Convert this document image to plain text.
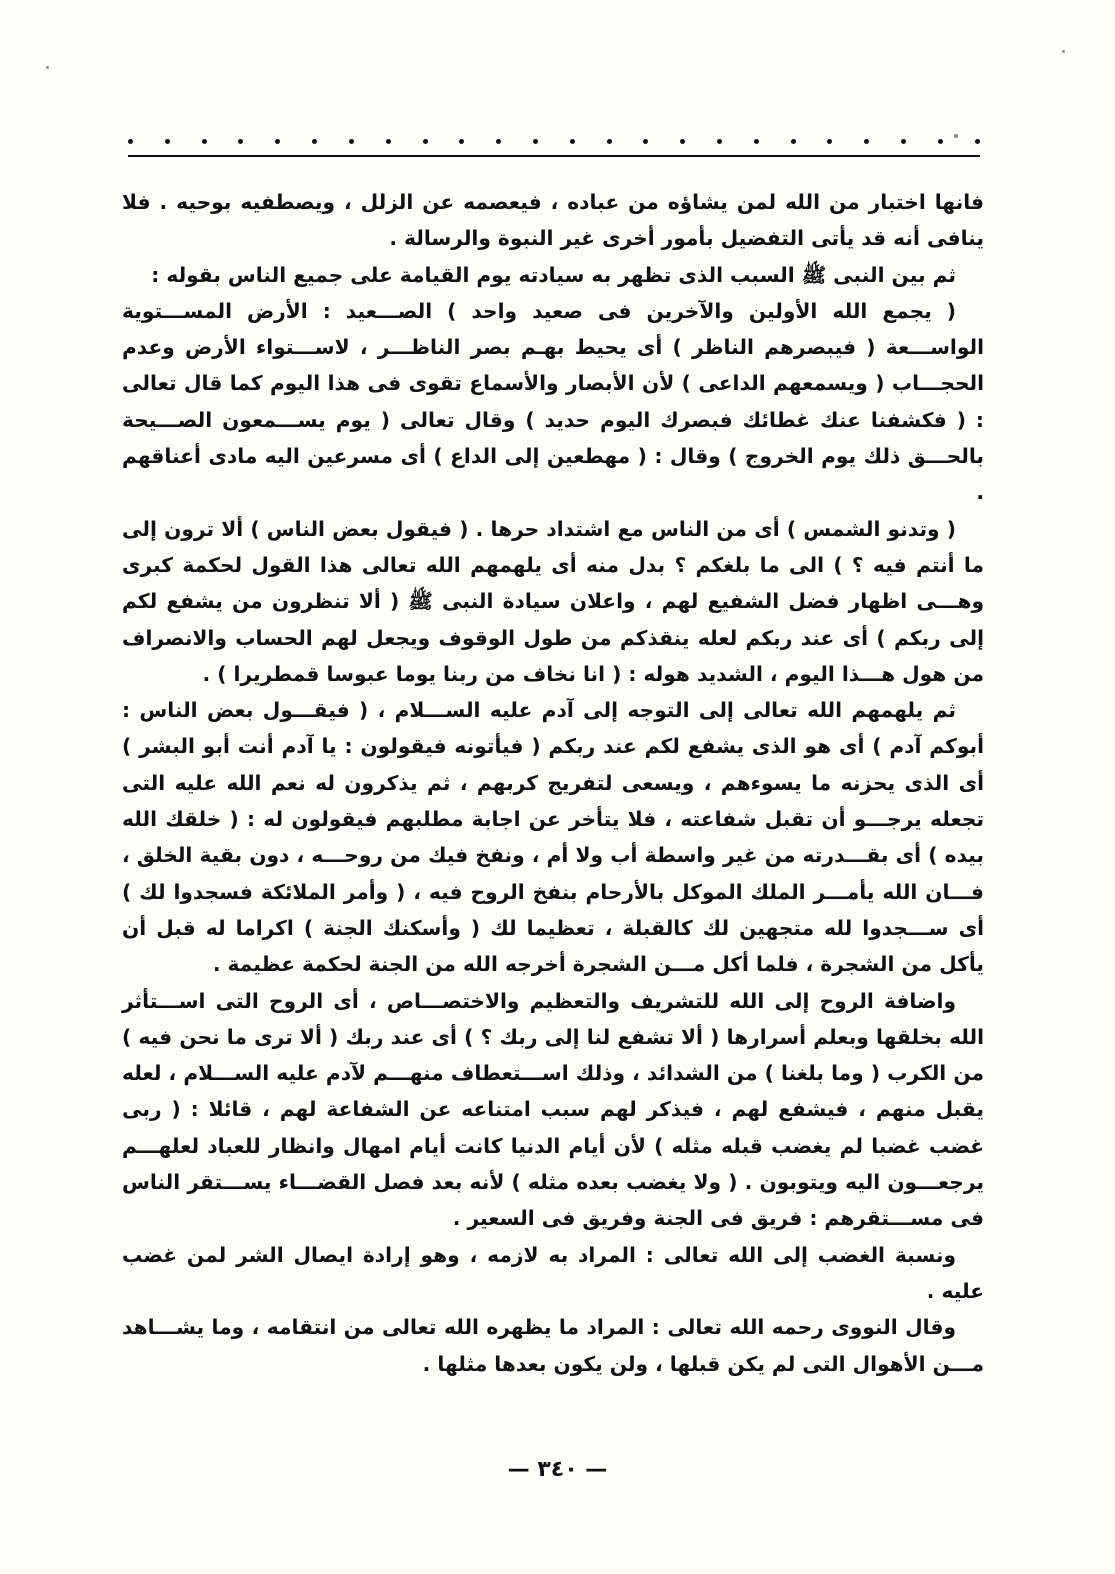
فانها اختبار من الله لمن يشاؤه من عباده ، فيعصمه عن الزلل ، ويصطفيه بوحيه . فلا ينافى أنه قد يأتى التفضيل بأمور أخرى غير النبوة والرسالة .

ثم بين النبى ﷺ السبب الذى تظهر به سيادته يوم القيامة على جميع الناس بقوله :

( يجمع الله الأولين والآخرين فى صعيد واحد ) الصـــعيد : الأرض المســـتوية الواســـعة ( فيبصرهم الناظر ) أى يحيط بهـم بصر الناظـــر ، لاســـتواء الأرض وعدم الحجـــاب ( ويسمعهم الداعى ) لأن الأبصار والأسماع تقوى فى هذا اليوم كما قال تعالى : ( فكشفنا عنك غطائك فبصرك اليوم حديد ) وقال تعالى ( يوم يســـمعون الصـــيحة بالحـــق ذلك يوم الخروج ) وقال : ( مهطعين إلى الداع ) أى مسرعين اليه مادى أعناقهم .

( وتدنو الشمس ) أى من الناس مع اشتداد حرها . ( فيقول بعض الناس ) ألا ترون إلى ما أنتم فيه ؟ ) الى ما بلغكم ؟ بدل منه أى يلهمهم الله تعالى هذا القول لحكمة كبرى وهـــى اظهار فضل الشفيع لهم ، واعلان سيادة النبى ﷺ ( ألا تنظرون من يشفع لكم إلى ربكم ) أى عند ربكم لعله ينقذكم من طول الوقوف ويجعل لهم الحساب والانصراف من هول هـــذا اليوم ، الشديد هوله : ( انا نخاف من ربنا يوما عبوسا قمطريرا ) .

ثم يلهمهم الله تعالى إلى التوجه إلى آدم عليه الســـلام ، ( فيقـــول بعض الناس : أبوكم آدم ) أى هو الذى يشفع لكم عند ربكم ( فيأتونه فيقولون : يا آدم أنت أبو البشر ) أى الذى يحزنه ما يسوءهم ، ويسعى لتفريج كربهم ، ثم يذكرون له نعم الله عليه التى تجعله يرجـــو أن تقبل شفاعته ، فلا يتأخر عن اجابة مطلبهم فيقولون له : ( خلقك الله بيده ) أى بقـــدرته من غير واسطة أب ولا أم ، ونفخ فيك من روحـــه ، دون بقية الخلق ، فـــان الله يأمـــر الملك الموكل بالأرحام بنفخ الروح فيه ، ( وأمر الملائكة فسجدوا لك ) أى ســـجدوا لله متجهين لك كالقبلة ، تعظيما لك ( وأسكنك الجنة ) اكراما له قبل أن يأكل من الشجرة ، فلما أكل مـــن الشجرة أخرجه الله من الجنة لحكمة عظيمة .

واضافة الروح إلى الله للتشريف والتعظيم والاختصـــاص ، أى الروح التى اســـتأثر الله بخلقها وبعلم أسرارها ( ألا تشفع لنا إلى ربك ؟ ) أى عند ربك ( ألا ترى ما نحن فيه ) من الكرب ( وما بلغنا ) من الشدائد ، وذلك اســـتعطاف منهـــم لآدم عليه الســـلام ، لعله يقبل منهم ، فيشفع لهم ، فيذكر لهم سبب امتناعه عن الشفاعة لهم ، قائلا : ( ربى غضب غضبا لم يغضب قبله مثله ) لأن أيام الدنيا كانت أيام امهال وانظار للعباد لعلهـــم يرجعـــون اليه ويتوبون . ( ولا يغضب بعده مثله ) لأنه بعد فصل القضـــاء يســـتقر الناس فى مســـتقرهم : فريق فى الجنة وفريق فى السعير .

ونسبة الغضب إلى الله تعالى : المراد به لازمه ، وهو إرادة ايصال الشر لمن غضب عليه .

وقال النووى رحمه الله تعالى : المراد ما يظهره الله تعالى من انتقامه ، وما يشـــاهد مـــن الأهوال التى لم يكن قبلها ، ولن يكون بعدها مثلها .

— ٣٤٠ —
